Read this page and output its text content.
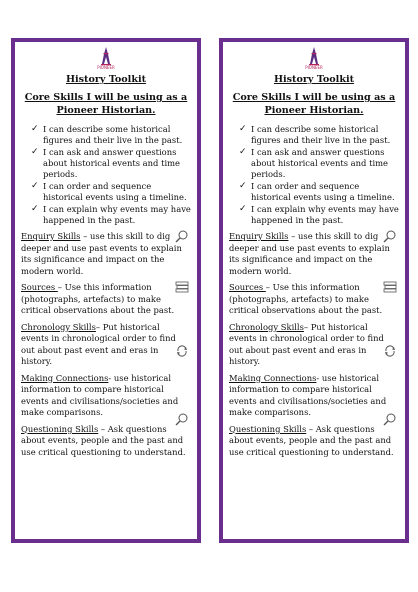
PIONEER
History Toolkit
Core Skills I will be using as a Pioneer Historian.
✓ I can describe some historical figures and their live in the past.
✓ I can ask and answer questions about historical events and time periods.
✓ I can order and sequence historical events using a timeline.
✓ I can explain why events may have happened in the past.
Enquiry Skills – use this skill to dig deeper and use past events to explain its significance and impact on the modern world.
Sources – Use this information (photographs, artefacts) to make critical observations about the past.
Chronology Skills– Put historical events in chronological order to find out about past event and eras in history.
Making Connections- use historical information to compare historical events and civilisations/societies and make comparisons.
Questioning Skills – Ask questions about events, people and the past and use critical questioning to understand.
PIONEER
History Toolkit
Core Skills I will be using as a Pioneer Historian.
✓ I can describe some historical figures and their live in the past.
✓ I can ask and answer questions about historical events and time periods.
✓ I can order and sequence historical events using a timeline.
✓ I can explain why events may have happened in the past.
Enquiry Skills – use this skill to dig deeper and use past events to explain its significance and impact on the modern world.
Sources – Use this information (photographs, artefacts) to make critical observations about the past.
Chronology Skills– Put historical events in chronological order to find out about past event and eras in history.
Making Connections- use historical information to compare historical events and civilisations/societies and make comparisons.
Questioning Skills – Ask questions about events, people and the past and use critical questioning to understand.
